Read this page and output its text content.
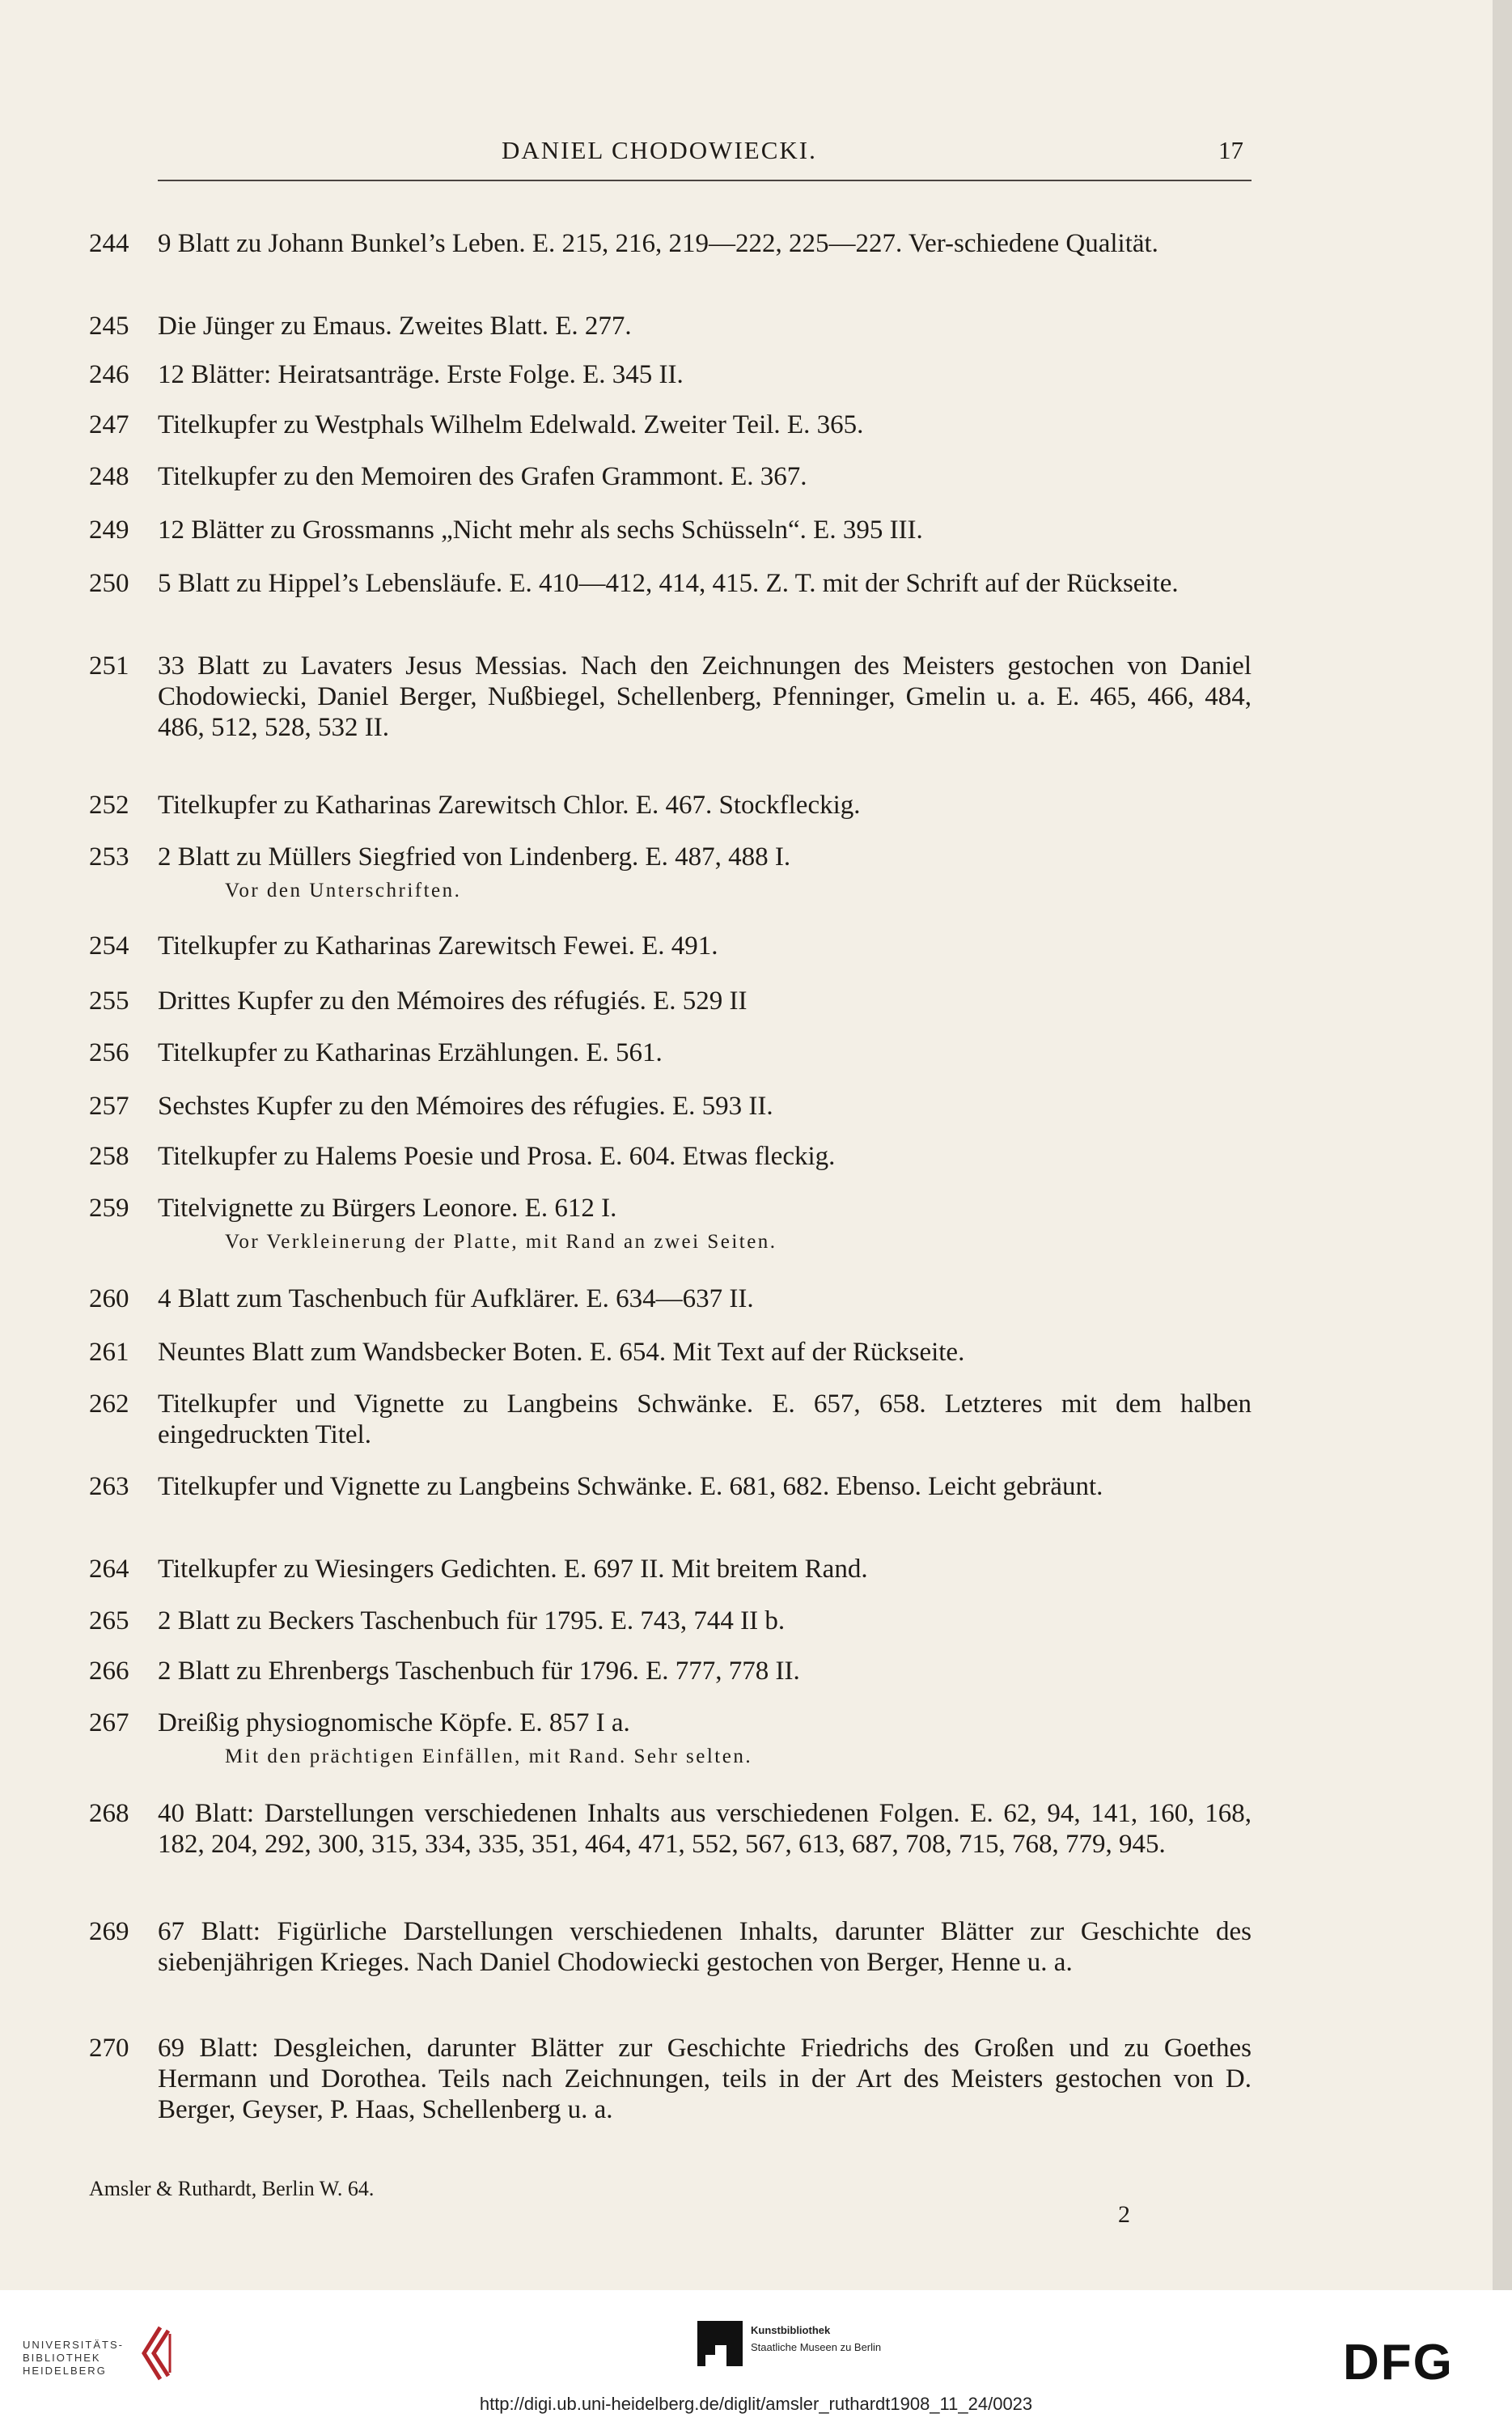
DANIEL CHODOWIECKI.	17
244 9 Blatt zu Johann Bunkel’s Leben. E. 215, 216, 219—222, 225—227. Ver-schiedene Qualität.
245 Die Jünger zu Emaus. Zweites Blatt. E. 277.
246 12 Blätter: Heiratsanträge. Erste Folge. E. 345 II.
247 Titelkupfer zu Westphals Wilhelm Edelwald. Zweiter Teil. E. 365.
248 Titelkupfer zu den Memoiren des Grafen Grammont. E. 367.
249 12 Blätter zu Grossmanns „Nicht mehr als sechs Schüsseln“. E. 395 III.
250 5 Blatt zu Hippel’s Lebensläufe. E. 410—412, 414, 415. Z. T. mit der Schrift auf der Rückseite.
251 33 Blatt zu Lavaters Jesus Messias. Nach den Zeichnungen des Meisters gestochen von Daniel Chodowiecki, Daniel Berger, Nußbiegel, Schellenberg, Pfenninger, Gmelin u. a. E. 465, 466, 484, 486, 512, 528, 532 II.
252 Titelkupfer zu Katharinas Zarewitsch Chlor. E. 467. Stockfleckig.
253 2 Blatt zu Müllers Siegfried von Lindenberg. E. 487, 488 I.
Vor den Unterschriften.
254 Titelkupfer zu Katharinas Zarewitsch Fewei. E. 491.
255 Drittes Kupfer zu den Mémoires des réfugiés. E. 529 II
256 Titelkupfer zu Katharinas Erzählungen. E. 561.
257 Sechstes Kupfer zu den Mémoires des réfugies. E. 593 II.
258 Titelkupfer zu Halems Poesie und Prosa. E. 604. Etwas fleckig.
259 Titelvignette zu Bürgers Leonore. E. 612 I.
Vor Verkleinerung der Platte, mit Rand an zwei Seiten.
260 4 Blatt zum Taschenbuch für Aufklärer. E. 634—637 II.
261 Neuntes Blatt zum Wandsbecker Boten. E. 654. Mit Text auf der Rückseite.
262 Titelkupfer und Vignette zu Langbeins Schwänke. E. 657, 658. Letzteres mit dem halben eingedruckten Titel.
263 Titelkupfer und Vignette zu Langbeins Schwänke. E. 681, 682. Ebenso. Leicht gebräunt.
264 Titelkupfer zu Wiesingers Gedichten. E. 697 II. Mit breitem Rand.
265 2 Blatt zu Beckers Taschenbuch für 1795. E. 743, 744 II b.
266 2 Blatt zu Ehrenbergs Taschenbuch für 1796. E. 777, 778 II.
267 Dreißig physiognomische Köpfe. E. 857 I a.
Mit den prächtigen Einfällen, mit Rand. Sehr selten.
268 40 Blatt: Darstellungen verschiedenen Inhalts aus verschiedenen Folgen. E. 62, 94, 141, 160, 168, 182, 204, 292, 300, 315, 334, 335, 351, 464, 471, 552, 567, 613, 687, 708, 715, 768, 779, 945.
269 67 Blatt: Figürliche Darstellungen verschiedenen Inhalts, darunter Blätter zur Geschichte des siebenjährigen Krieges. Nach Daniel Chodowiecki gestochen von Berger, Henne u. a.
270 69 Blatt: Desgleichen, darunter Blätter zur Geschichte Friedrichs des Großen und zu Goethes Hermann und Dorothea. Teils nach Zeichnungen, teils in der Art des Meisters gestochen von D. Berger, Geyser, P. Haas, Schellenberg u. a.
Amsler & Ruthardt, Berlin W. 64.
2
UNIVERSITÄTS-
BIBLIOTHEK
HEIDELBERG
Kunstbibliothek
Staatliche Museen zu Berlin	DFG
http://digi.ub.uni-heidelberg.de/diglit/amsler_ruthardt1908_11_24/0023
